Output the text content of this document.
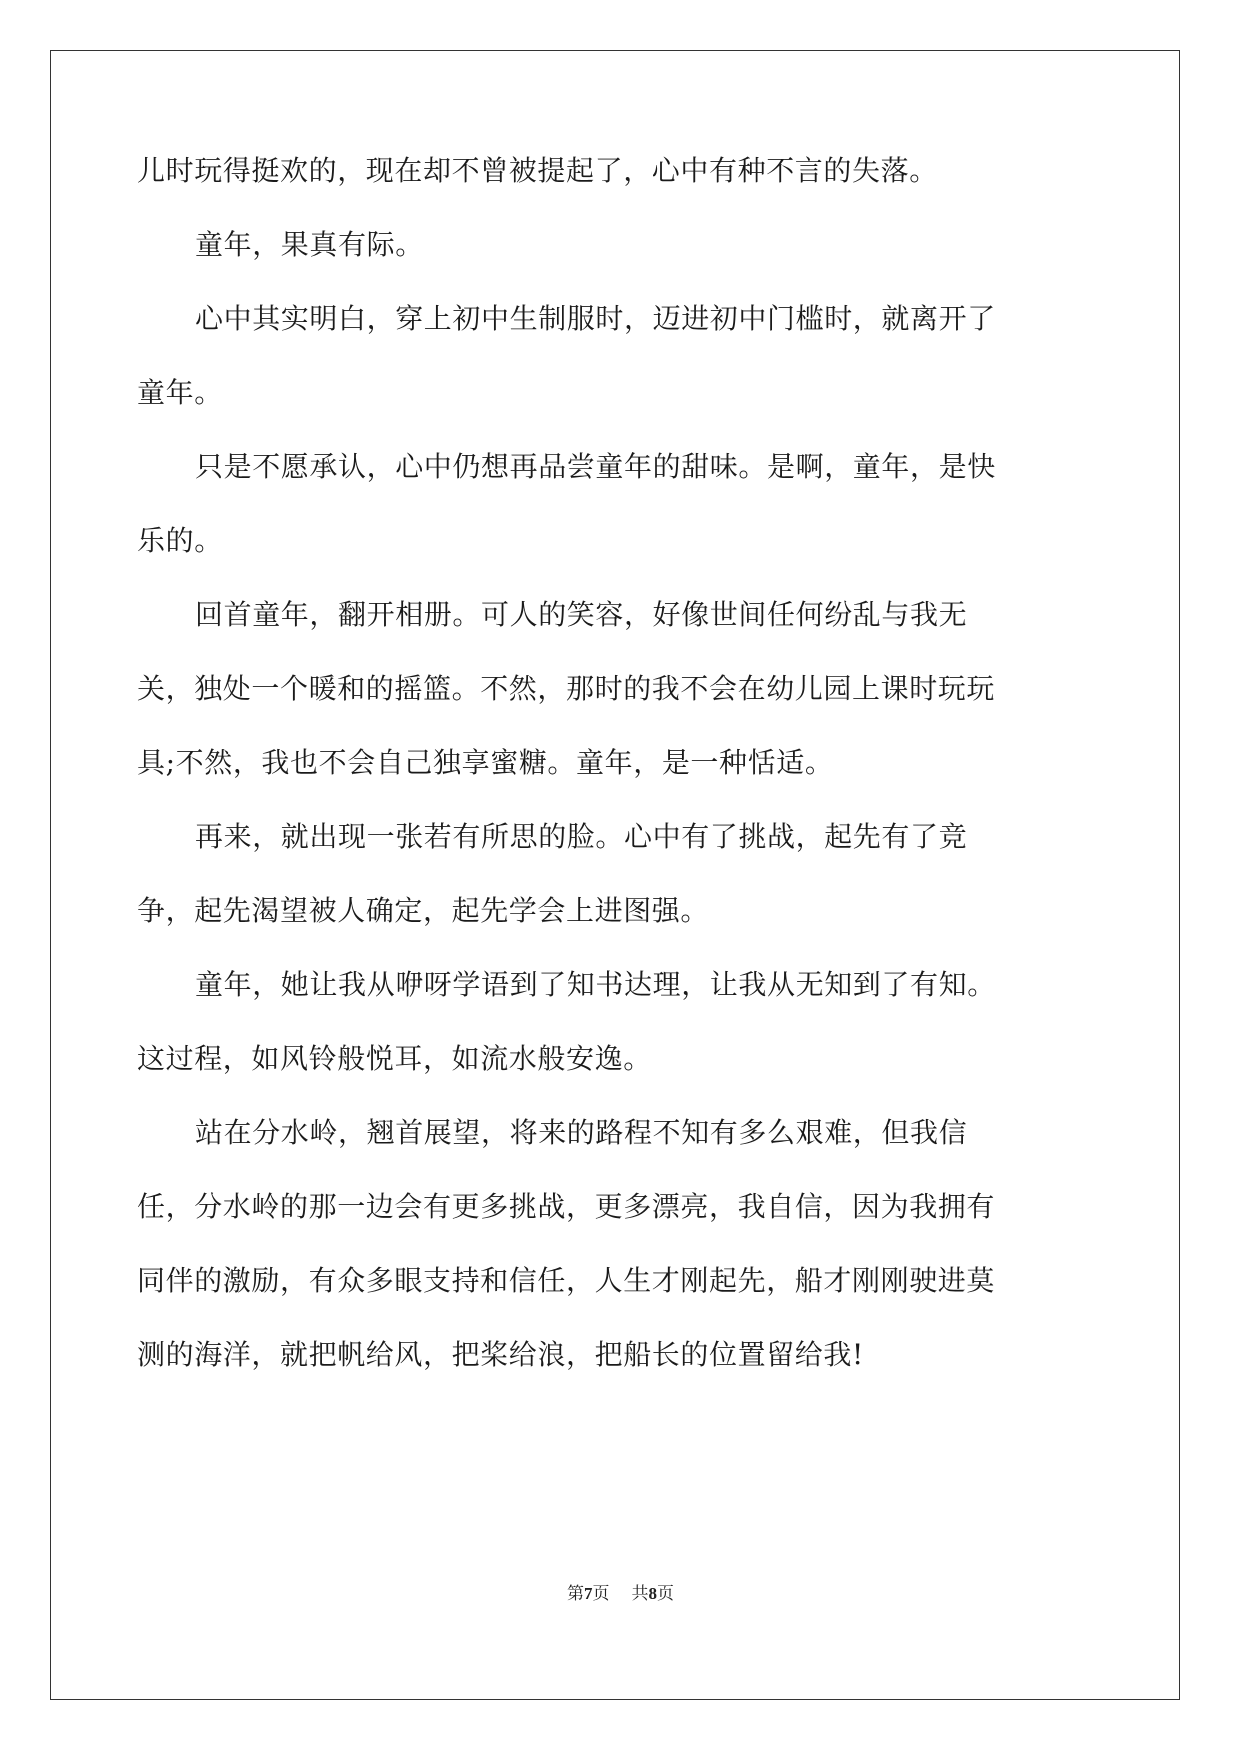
儿时玩得挺欢的，现在却不曾被提起了，心中有种不言的失落。

童年，果真有际。

心中其实明白，穿上初中生制服时，迈进初中门槛时，就离开了童年。

只是不愿承认，心中仍想再品尝童年的甜味。是啊，童年，是快乐的。

回首童年，翻开相册。可人的笑容，好像世间任何纷乱与我无关，独处一个暖和的摇篮。不然，那时的我不会在幼儿园上课时玩玩具;不然，我也不会自己独享蜜糖。童年，是一种恬适。

再来，就出现一张若有所思的脸。心中有了挑战，起先有了竞争，起先渴望被人确定，起先学会上进图强。

童年，她让我从咿呀学语到了知书达理，让我从无知到了有知。这过程，如风铃般悦耳，如流水般安逸。

站在分水岭，翘首展望，将来的路程不知有多么艰难，但我信任，分水岭的那一边会有更多挑战，更多漂亮，我自信，因为我拥有同伴的激励，有众多眼支持和信任，人生才刚起先，船才刚刚驶进莫测的海洋，就把帆给风，把桨给浪，把船长的位置留给我!

第7页 共8页
